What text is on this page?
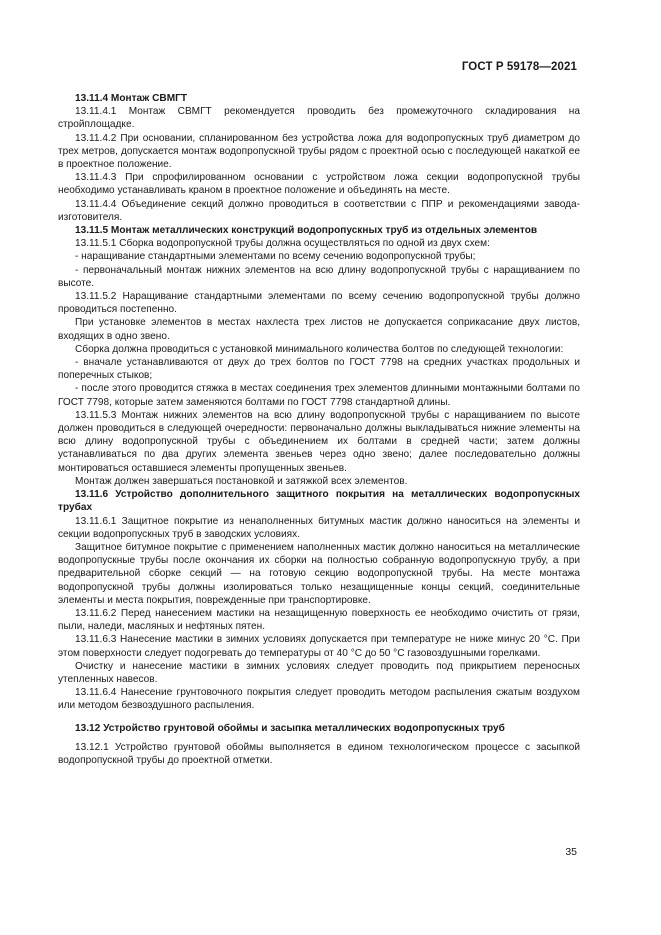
ГОСТ Р 59178—2021

13.11.4 Монтаж СВМГТ

13.11.4.1 Монтаж СВМГТ рекомендуется проводить без промежуточного складирования на стройплощадке.

13.11.4.2 При основании, спланированном без устройства ложа для водопропускных труб диаметром до трех метров, допускается монтаж водопропускной трубы рядом с проектной осью с последующей накаткой ее в проектное положение.

13.11.4.3 При спрофилированном основании с устройством ложа секции водопропускной трубы необходимо устанавливать краном в проектное положение и объединять на месте.

13.11.4.4 Объединение секций должно проводиться в соответствии с ППР и рекомендациями завода-изготовителя.

13.11.5 Монтаж металлических конструкций водопропускных труб из отдельных элементов

13.11.5.1 Сборка водопропускной трубы должна осуществляться по одной из двух схем:

- наращивание стандартными элементами по всему сечению водопропускной трубы;

- первоначальный монтаж нижних элементов на всю длину водопропускной трубы с наращиванием по высоте.

13.11.5.2 Наращивание стандартными элементами по всему сечению водопропускной трубы должно проводиться постепенно.

При установке элементов в местах нахлеста трех листов не допускается соприкасание двух листов, входящих в одно звено.

Сборка должна проводиться с установкой минимального количества болтов по следующей технологии:

- вначале устанавливаются от двух до трех болтов по ГОСТ 7798 на средних участках продольных и поперечных стыков;

- после этого проводится стяжка в местах соединения трех элементов длинными монтажными болтами по ГОСТ 7798, которые затем заменяются болтами по ГОСТ 7798 стандартной длины.

13.11.5.3 Монтаж нижних элементов на всю длину водопропускной трубы с наращиванием по высоте должен проводиться в следующей очередности: первоначально должны выкладываться нижние элементы на всю длину водопропускной трубы с объединением их болтами в средней части; затем должны устанавливаться по два других элемента звеньев через одно звено; далее последовательно должны монтироваться оставшиеся элементы пропущенных звеньев.

Монтаж должен завершаться постановкой и затяжкой всех элементов.

13.11.6 Устройство дополнительного защитного покрытия на металлических водопропускных трубах

13.11.6.1 Защитное покрытие из ненаполненных битумных мастик должно наноситься на элементы и секции водопропускных труб в заводских условиях.

Защитное битумное покрытие с применением наполненных мастик должно наноситься на металлические водопропускные трубы после окончания их сборки на полностью собранную водопропускную трубу, а при предварительной сборке секций — на готовую секцию водопропускной трубы. На месте монтажа водопропускной трубы должны изолироваться только незащищенные концы секций, соединительные элементы и места покрытия, поврежденные при транспортировке.

13.11.6.2 Перед нанесением мастики на незащищенную поверхность ее необходимо очистить от грязи, пыли, наледи, масляных и нефтяных пятен.

13.11.6.3 Нанесение мастики в зимних условиях допускается при температуре не ниже минус 20 °С. При этом поверхности следует подогревать до температуры от 40 °С до 50 °С газовоздушными горелками.

Очистку и нанесение мастики в зимних условиях следует проводить под прикрытием переносных утепленных навесов.

13.11.6.4 Нанесение грунтовочного покрытия следует проводить методом распыления сжатым воздухом или методом безвоздушного распыления.

13.12 Устройство грунтовой обоймы и засыпка металлических водопропускных труб

13.12.1 Устройство грунтовой обоймы выполняется в едином технологическом процессе с засыпкой водопропускной трубы до проектной отметки.

35
